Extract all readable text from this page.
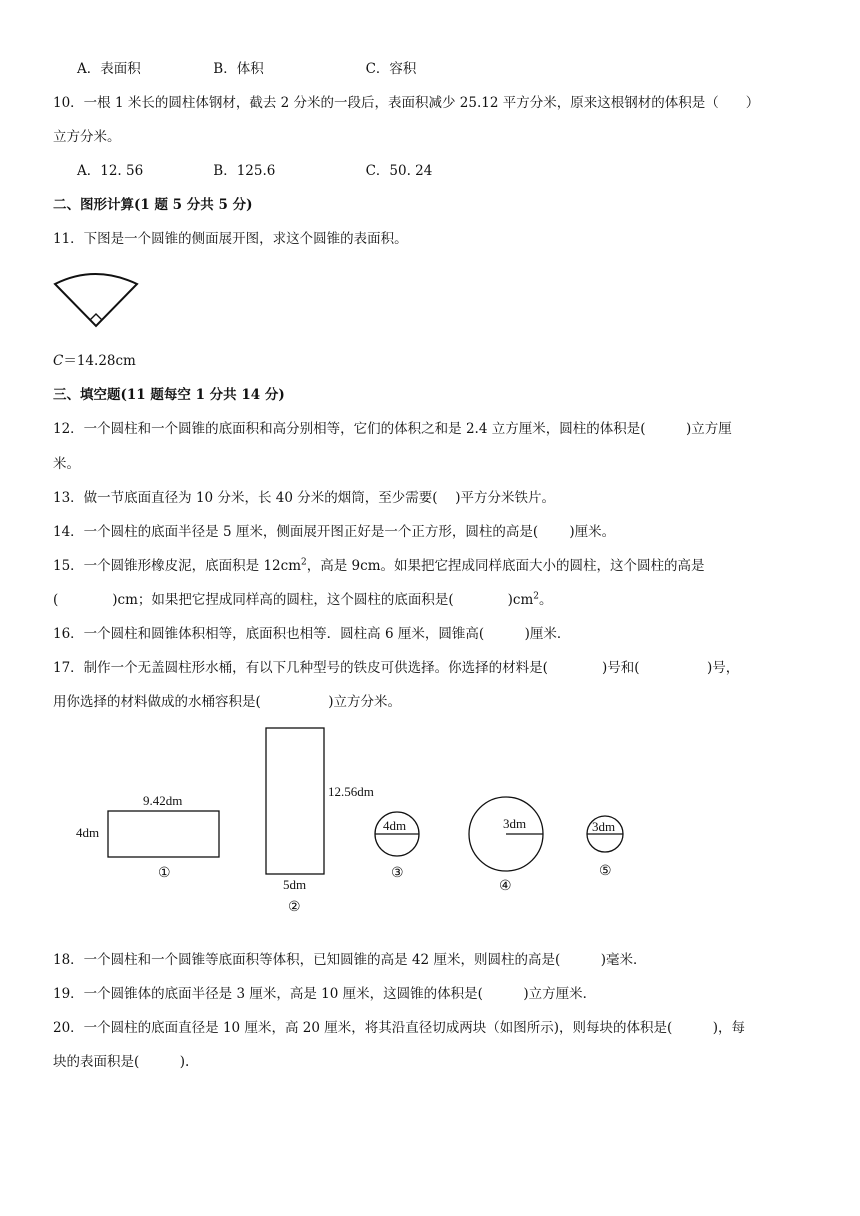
A．表面积	B．体积	C．容积
10．一根 1 米长的圆柱体钢材，截去 2 分米的一段后，表面积减少 25.12 平方分米，原来这根钢材的体积是（　　）
立方分米。
A．12. 56	B．125.6	C．50. 24
二、图形计算(1 题 5 分共 5 分)
11．下图是一个圆锥的侧面展开图，求这个圆锥的表面积。
C＝14.28cm
三、填空题(11 题每空 1 分共 14 分)
12．一个圆柱和一个圆锥的底面积和高分别相等，它们的体积之和是 2.4 立方厘米，圆柱的体积是(　　　)立方厘
米。
13．做一节底面直径为 10 分米，长 40 分米的烟筒，至少需要(　 )平方分米铁片。
14．一个圆柱的底面半径是 5 厘米，侧面展开图正好是一个正方形，圆柱的高是(　　 )厘米。
15．一个圆锥形橡皮泥，底面积是 $12cm^2$，高是 9cm。如果把它捏成同样底面大小的圆柱，这个圆柱的高是
(　　　　)cm；如果把它捏成同样高的圆柱，这个圆柱的底面积是(　　　　)$cm^2$。
16．一个圆柱和圆锥体积相等，底面积也相等．圆柱高 6 厘米，圆锥高(　　　)厘米．
17．制作一个无盖圆柱形水桶，有以下几种型号的铁皮可供选择。你选择的材料是(　　　　	)号和(　　　　　	)号，
用你选择的材料做成的水桶容积是(　　　　　)立方分米。
9.42dm
4dm
①
12.56dm
5dm
②
4dm
③
3dm
④
3dm
⑤
18．一个圆柱和一个圆锥等底面积等体积，已知圆锥的高是 42 厘米，则圆柱的高是(　　　)毫米．
19．一个圆锥体的底面半径是 3 厘米，高是 10 厘米，这圆锥的体积是(　　　)立方厘米．
20．一个圆柱的底面直径是 10 厘米，高 20 厘米，将其沿直径切成两块（如图所示)，则每块的体积是(　　　)，每
块的表面积是(　　　).
